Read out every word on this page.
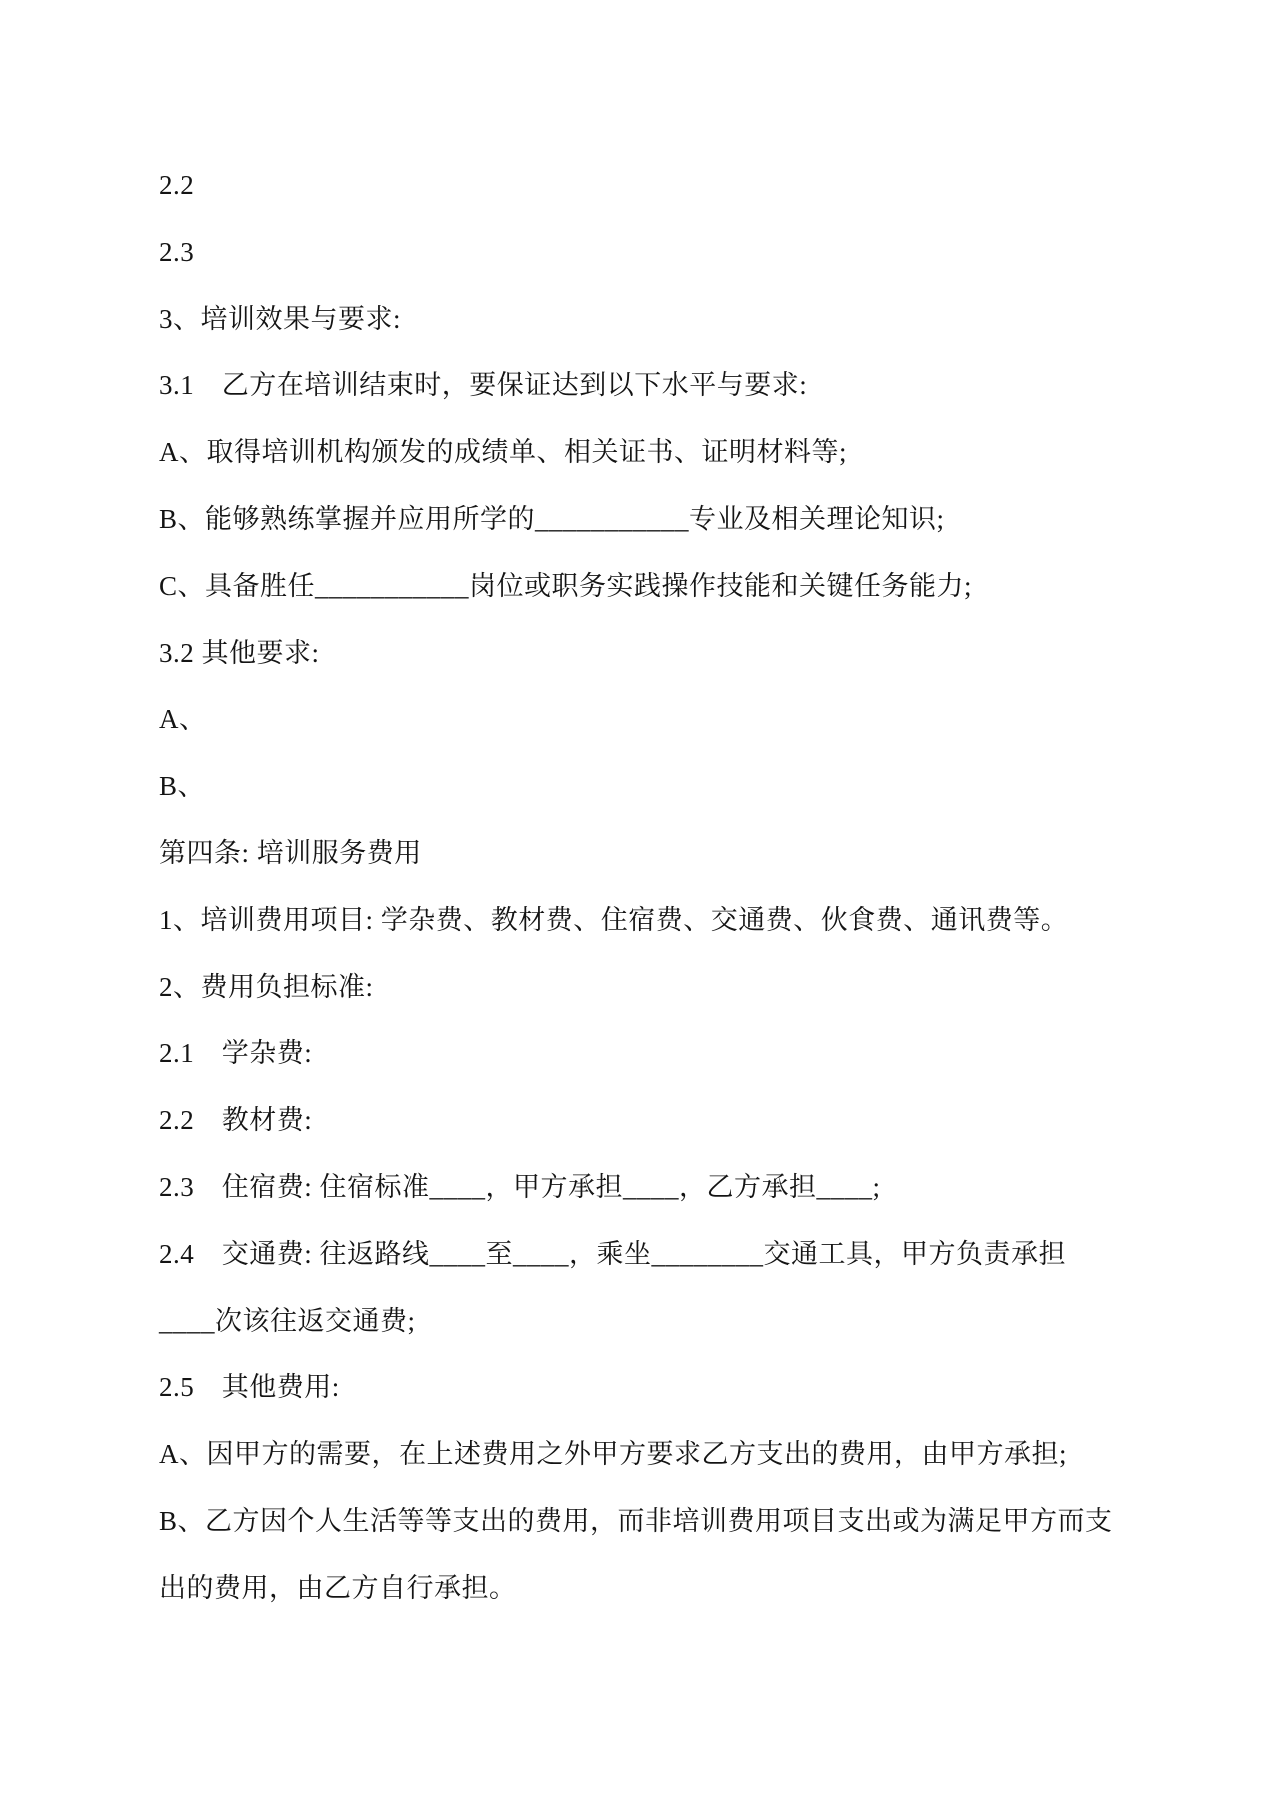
2.2
2.3
3、培训效果与要求:
3.1　乙方在培训结束时，要保证达到以下水平与要求:
A、取得培训机构颁发的成绩单、相关证书、证明材料等;
B、能够熟练掌握并应用所学的___________专业及相关理论知识;
C、具备胜任___________岗位或职务实践操作技能和关键任务能力;
3.2 其他要求:
A、
B、
第四条: 培训服务费用
1、培训费用项目: 学杂费、教材费、住宿费、交通费、伙食费、通讯费等。
2、费用负担标准:
2.1　学杂费:
2.2　教材费:
2.3　住宿费: 住宿标准____，甲方承担____，乙方承担____;
2.4　交通费: 往返路线____至____，乘坐________交通工具，甲方负责承担
____次该往返交通费;
2.5　其他费用:
A、因甲方的需要，在上述费用之外甲方要求乙方支出的费用，由甲方承担;
B、乙方因个人生活等等支出的费用，而非培训费用项目支出或为满足甲方而支
出的费用，由乙方自行承担。
